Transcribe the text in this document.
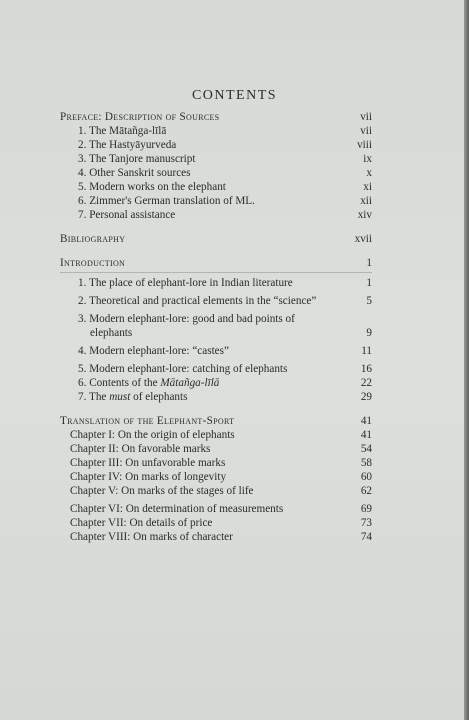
CONTENTS
Preface: Description of Sources	vii
1. The Mātañga-līlā	vii
2. The Hastyāyurveda	viii
3. The Tanjore manuscript	ix
4. Other Sanskrit sources	x
5. Modern works on the elephant	xi
6. Zimmer's German translation of ML.	xii
7. Personal assistance	xiv
Bibliography	xvii
Introduction	1
1. The place of elephant-lore in Indian literature	1
2. Theoretical and practical elements in the “science”	5
3. Modern elephant-lore: good and bad points of elephants	9
4. Modern elephant-lore: “castes”	11
5. Modern elephant-lore: catching of elephants	16
6. Contents of the Mātañga-līlā	22
7. The must of elephants	29
Translation of the Elephant-Sport	41
Chapter I: On the origin of elephants	41
Chapter II: On favorable marks	54
Chapter III: On unfavorable marks	58
Chapter IV: On marks of longevity	60
Chapter V: On marks of the stages of life	62
Chapter VI: On determination of measurements	69
Chapter VII: On details of price	73
Chapter VIII: On marks of character	74
